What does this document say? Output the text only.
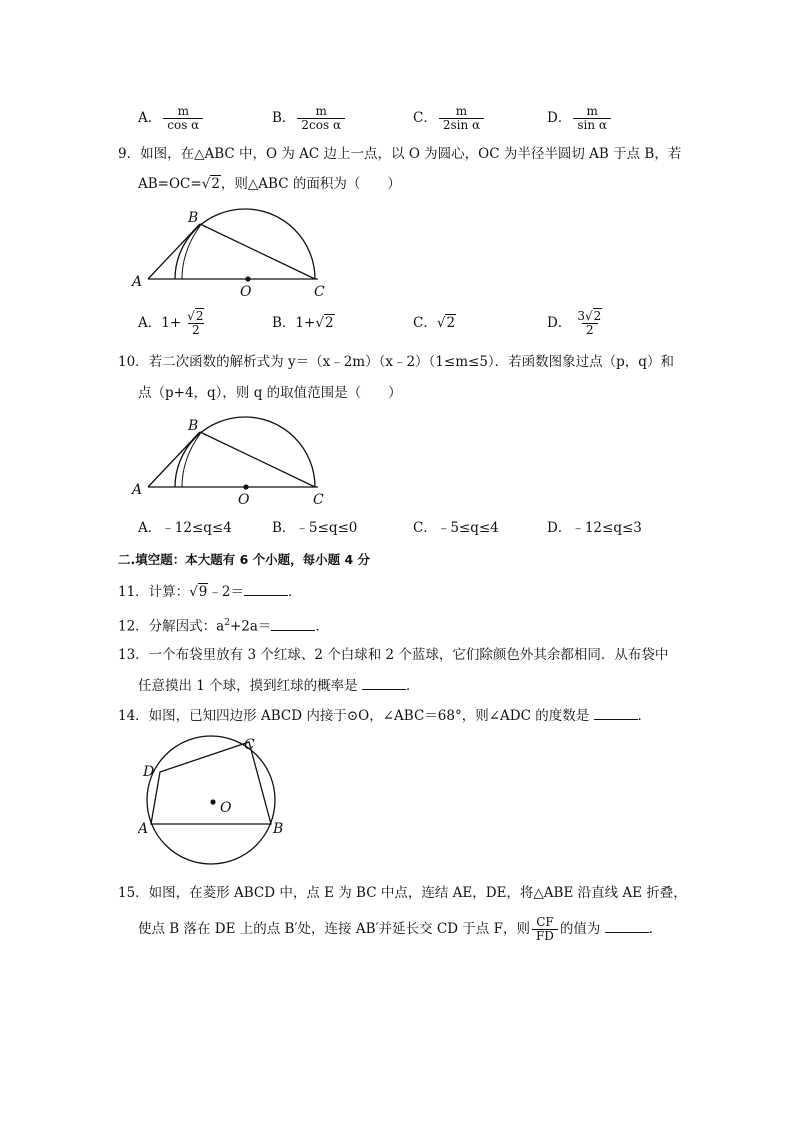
A． $\frac{m}{\text{cos α}}$	B． $\frac{m}{\text{2cos α}}$	C． $\frac{m}{\text{2sin α}}$	D． $\frac{m}{\text{sin α}}$
9．如图，在△ABC 中，O 为 AC 边上一点，以 O 为圆心，OC 为半径半圆切 AB 于点 B，若
AB=OC=√2，则△ABC 的面积为（　　）
A
B
O	C
A．$1+ \frac{√2}{2}$	B．1+√2	C．√2	D． $\frac{3√2}{2}$
10．若二次函数的解析式为 y＝（x﹣2m）（x﹣2）（1≤m≤5）．若函数图象过点（p，q）和
点（p+4，q），则 q 的取值范围是（　　）
A
B
O	C
A．﹣12≤q≤4	B．﹣5≤q≤0	C．﹣5≤q≤4	D．﹣12≤q≤3
二.填空题：本大题有 6 个小题，每小题 4 分
11．计算：√9﹣2＝	．
12．分解因式：$a^2+2a=$	．
13．一个布袋里放有 3 个红球、2 个白球和 2 个蓝球，它们除颜色外其余都相同．从布袋中
任意摸出 1 个球，摸到红球的概率是	．
14．如图，已知四边形 ABCD 内接于⊙O，∠ABC＝68°，则∠ADC 的度数是	．
A	B
C
D
O
15．如图，在菱形 ABCD 中，点 E 为 BC 中点，连结 AE，DE，将△ABE 沿直线 AE 折叠，
使点 B 落在 DE 上的点 B′处，连接 AB′并延长交 CD 于点 F，则 $\frac{CF}{FD}$ 的值为	．
